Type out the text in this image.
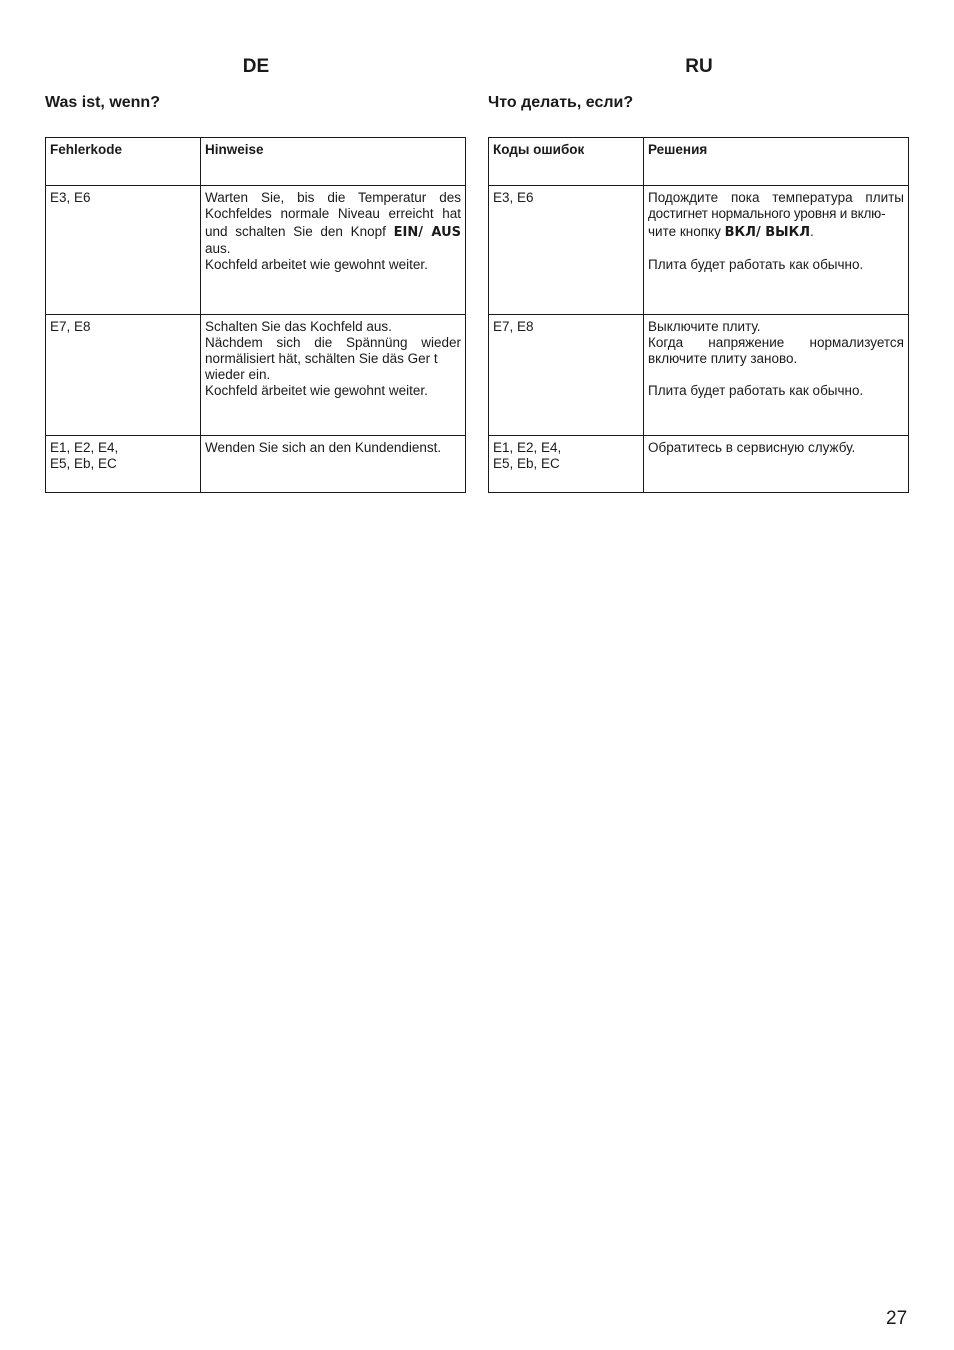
DE
Was ist, wenn?
Fehlerkode	Hinweise

E3, E6	Warten Sie, bis die Temperatur des
Kochfeldes normale Niveau erreicht hat
und schalten Sie den Knopf EIN/ AUS
aus.
Kochfeld arbeitet wie gewohnt weiter.

E7, E8	Schalten Sie das Kochfeld aus.
Nächdem sich die Spännüng wieder
normälisiert hät, schälten Sie däs Ger t
wieder ein.
Kochfeld ärbeitet wie gewohnt weiter.

E1, E2, E4,
E5, Eb, EC	Wenden Sie sich an den Kundendienst.
RU
Что делать, если?
Коды ошибок	Решения

E3, E6	Подождите пока температура плиты
достигнет нормального уровня и вклю-
чите кнопку ВКЛ/ ВЫКЛ.
Плита будет работать как обычно.

E7, E8	Выключите плиту.
Когда напряжение нормализуется
включите плиту заново.
Плита будет работать как обычно.

E1, E2, E4,
E5, Eb, EC	Обратитесь в сервисную службу.
27
